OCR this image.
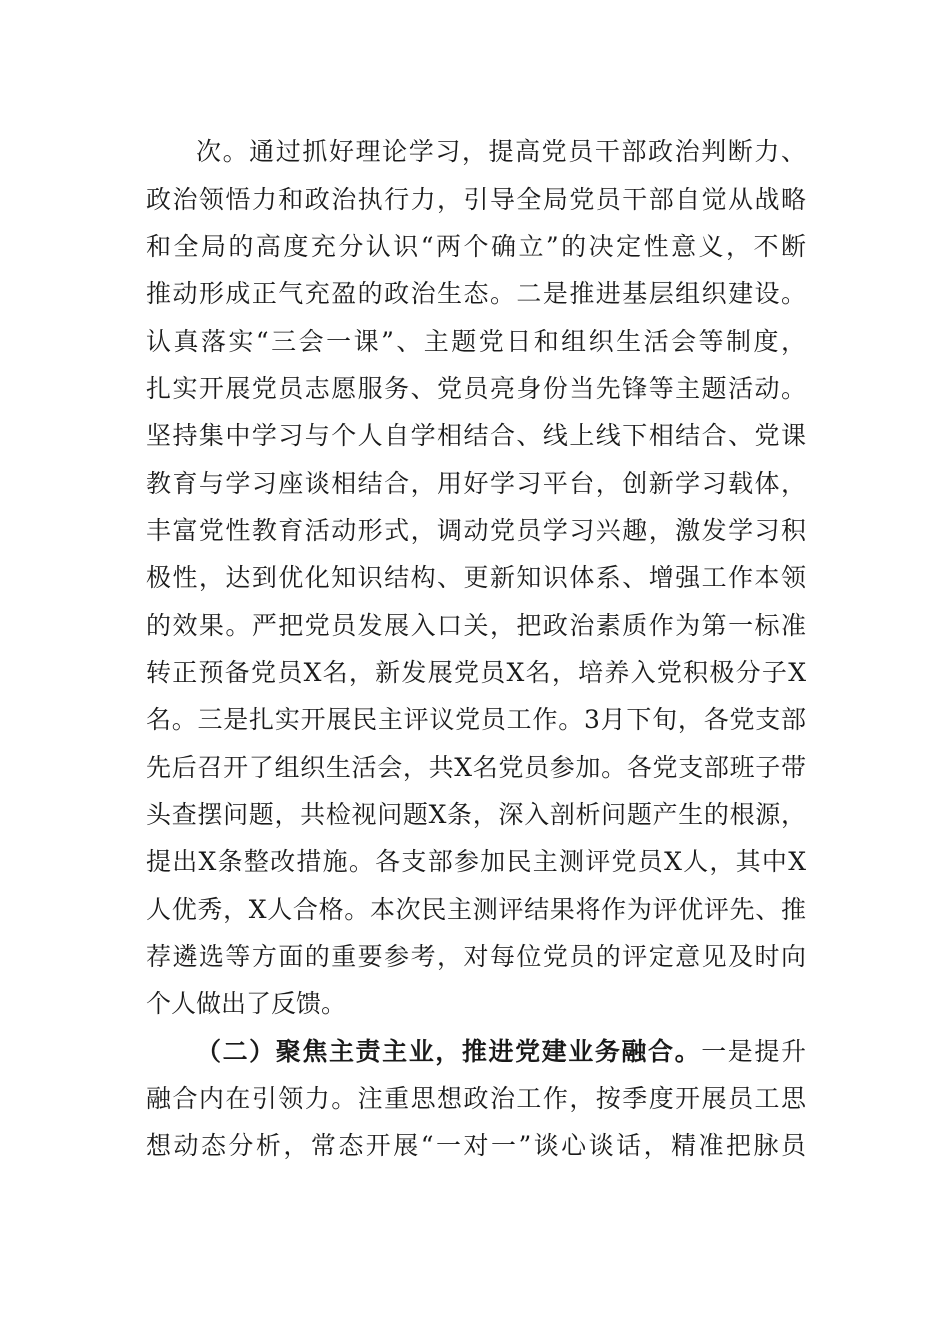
次。通过抓好理论学习，提高党员干部政治判断力、
政治领悟力和政治执行力，引导全局党员干部自觉从战略
和全局的高度充分认识“两个确立”的决定性意义，不断
推动形成正气充盈的政治生态。二是推进基层组织建设。
认真落实“三会一课”、主题党日和组织生活会等制度，
扎实开展党员志愿服务、党员亮身份当先锋等主题活动。
坚持集中学习与个人自学相结合、线上线下相结合、党课
教育与学习座谈相结合，用好学习平台，创新学习载体，
丰富党性教育活动形式，调动党员学习兴趣，激发学习积
极性，达到优化知识结构、更新知识体系、增强工作本领
的效果。严把党员发展入口关，把政治素质作为第一标准
转正预备党员X名，新发展党员X名，培养入党积极分子X
名。三是扎实开展民主评议党员工作。3月下旬，各党支部
先后召开了组织生活会，共X名党员参加。各党支部班子带
头查摆问题，共检视问题X条，深入剖析问题产生的根源，
提出X条整改措施。各支部参加民主测评党员X人，其中X
人优秀，X人合格。本次民主测评结果将作为评优评先、推
荐遴选等方面的重要参考，对每位党员的评定意见及时向
个人做出了反馈。
（二）聚焦主责主业，推进党建业务融合。一是提升
融合内在引领力。注重思想政治工作，按季度开展员工思
想动态分析，常态开展“一对一”谈心谈话，精准把脉员
